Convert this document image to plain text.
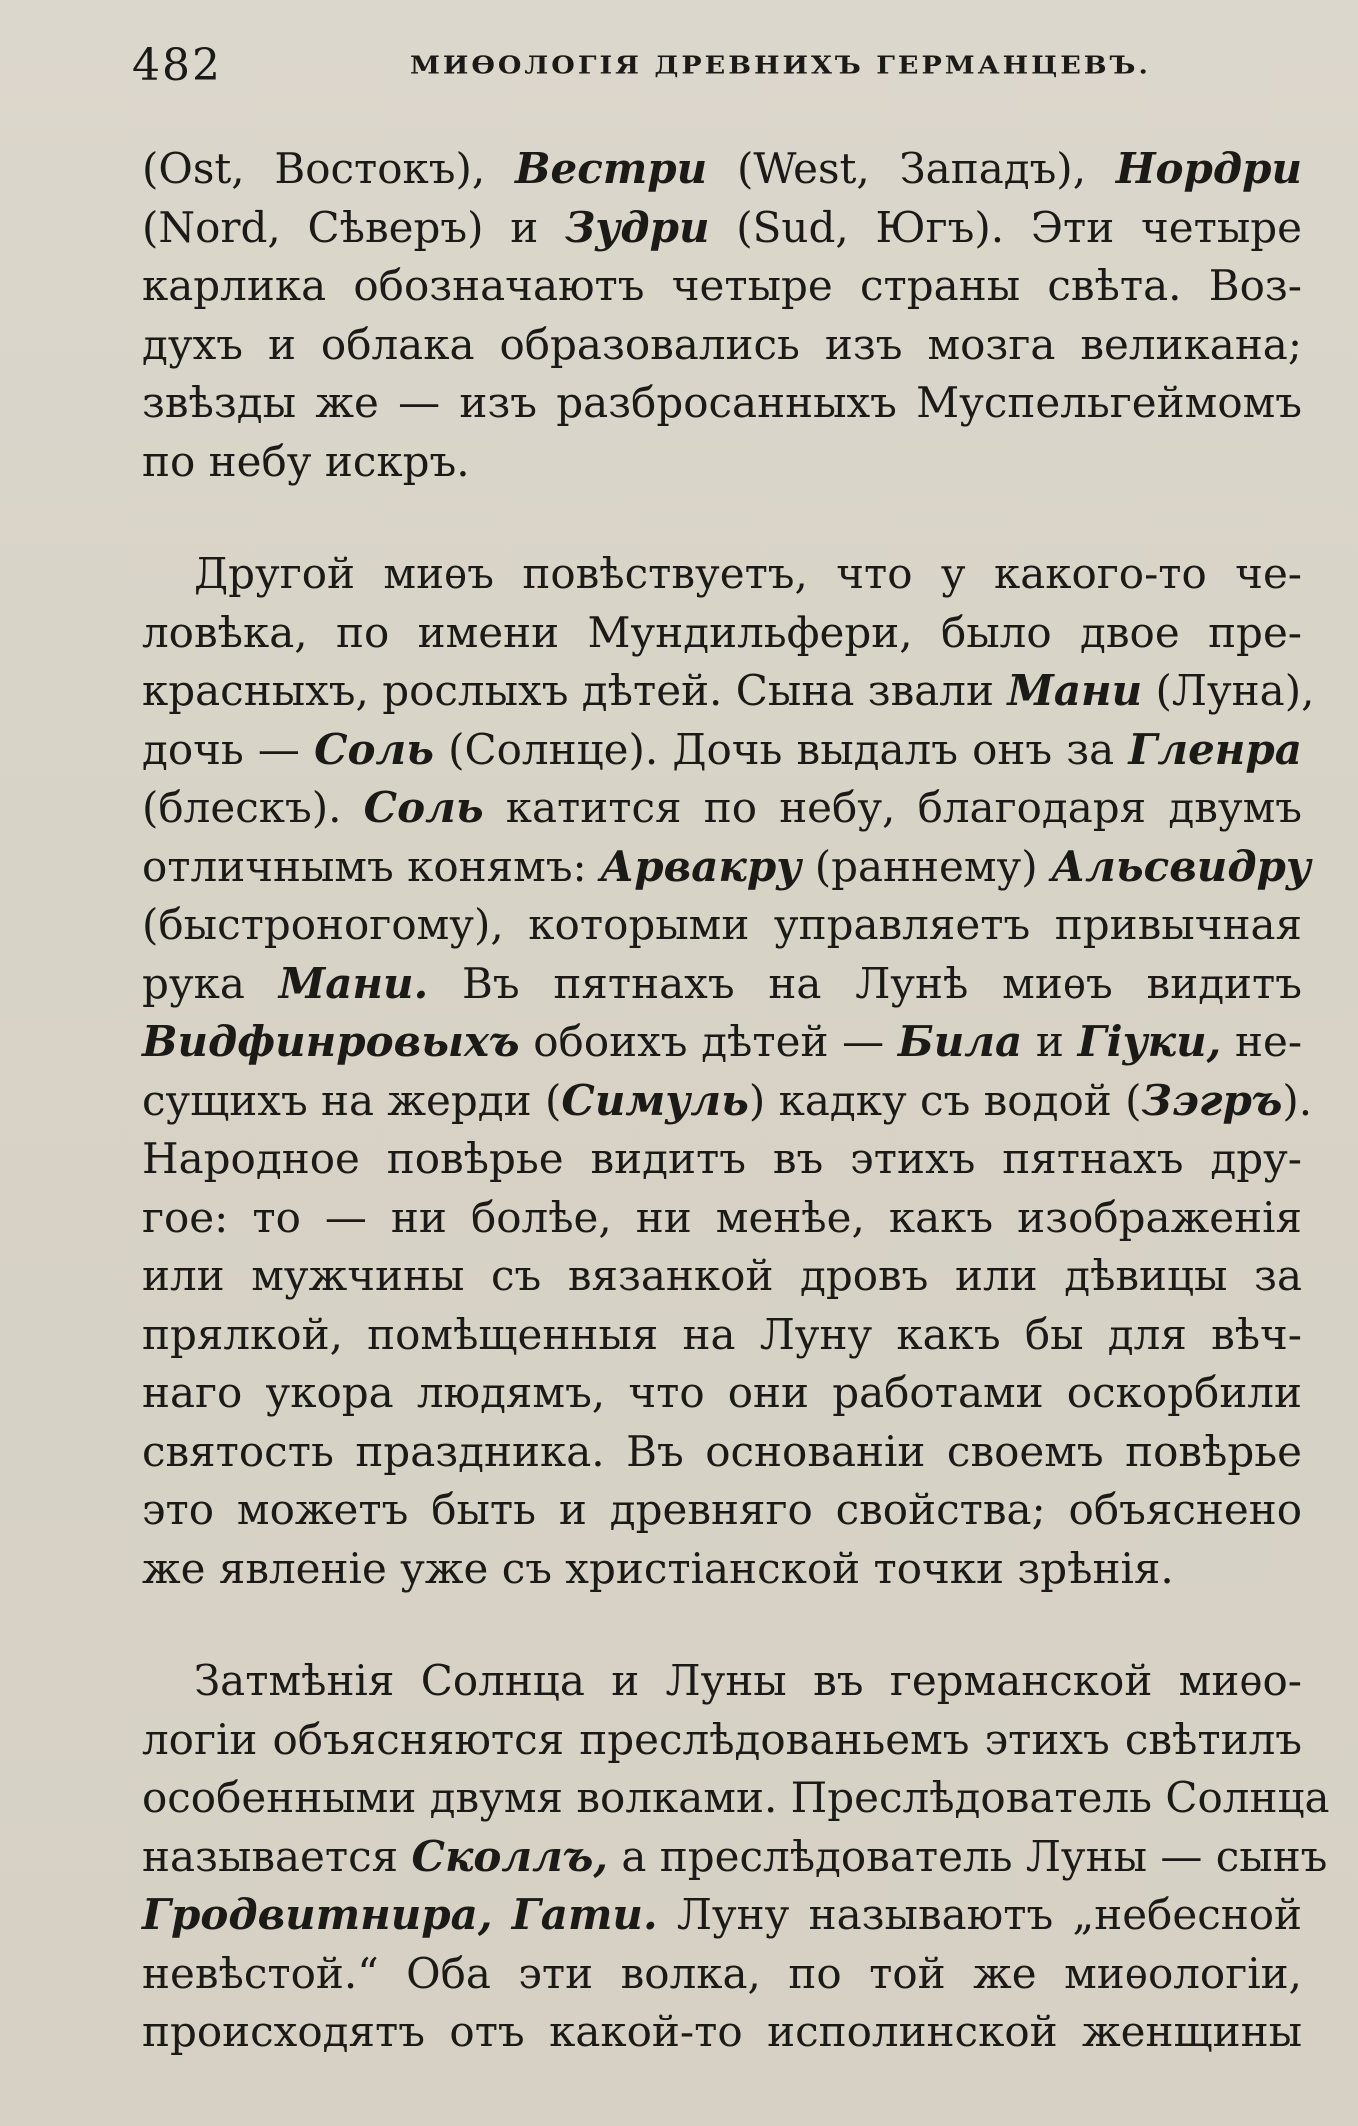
482	МИѲОЛОГІЯ ДРЕВНИХЪ ГЕРМАНЦЕВЪ.
(Ost, Востокъ), Вестри (West, Западъ), Нордри
(Nord, Сѣверъ) и Зудри (Sud, Югъ). Эти четыре
карлика обозначаютъ четыре страны свѣта. Воз-
духъ и облака образовались изъ мозга великана;
звѣзды же — изъ разбросанныхъ Муспельгеймомъ
по небу искръ.
Другой миѳъ повѣствуетъ, что у какого-то че-
ловѣка, по имени Мундильфери, было двое пре-
красныхъ, рослыхъ дѣтей. Сына звали Мани (Луна),
дочь — Соль (Солнце). Дочь выдалъ онъ за Гленра
(блескъ). Соль катится по небу, благодаря двумъ
отличнымъ конямъ: Арвакру (раннему) Альсвидру
(быстроногому), которыми управляетъ привычная
рука Мани. Въ пятнахъ на Лунѣ миѳъ видитъ
Видфинровыхъ обоихъ дѣтей — Била и Гіуки, не-
сущихъ на жерди (Симуль) кадку съ водой (Зэгръ).
Народное повѣрье видитъ въ этихъ пятнахъ дру-
гое: то — ни болѣе, ни менѣе, какъ изображенія
или мужчины съ вязанкой дровъ или дѣвицы за
прялкой, помѣщенныя на Луну какъ бы для вѣч-
наго укора людямъ, что они работами оскорбили
святость праздника. Въ основаніи своемъ повѣрье
это можетъ быть и древняго свойства; объяснено
же явленіе уже съ христіанской точки зрѣнія.
Затмѣнія Солнца и Луны въ германской миѳо-
логіи объясняются преслѣдованьемъ этихъ свѣтилъ
особенными двумя волками. Преслѣдователь Солнца
называется Сколлъ, а преслѣдователь Луны — сынъ
Гродвитнира, Гати. Луну называютъ „небесной
невѣстой.“ Оба эти волка, по той же миѳологіи,
происходятъ отъ какой-то исполинской женщины
